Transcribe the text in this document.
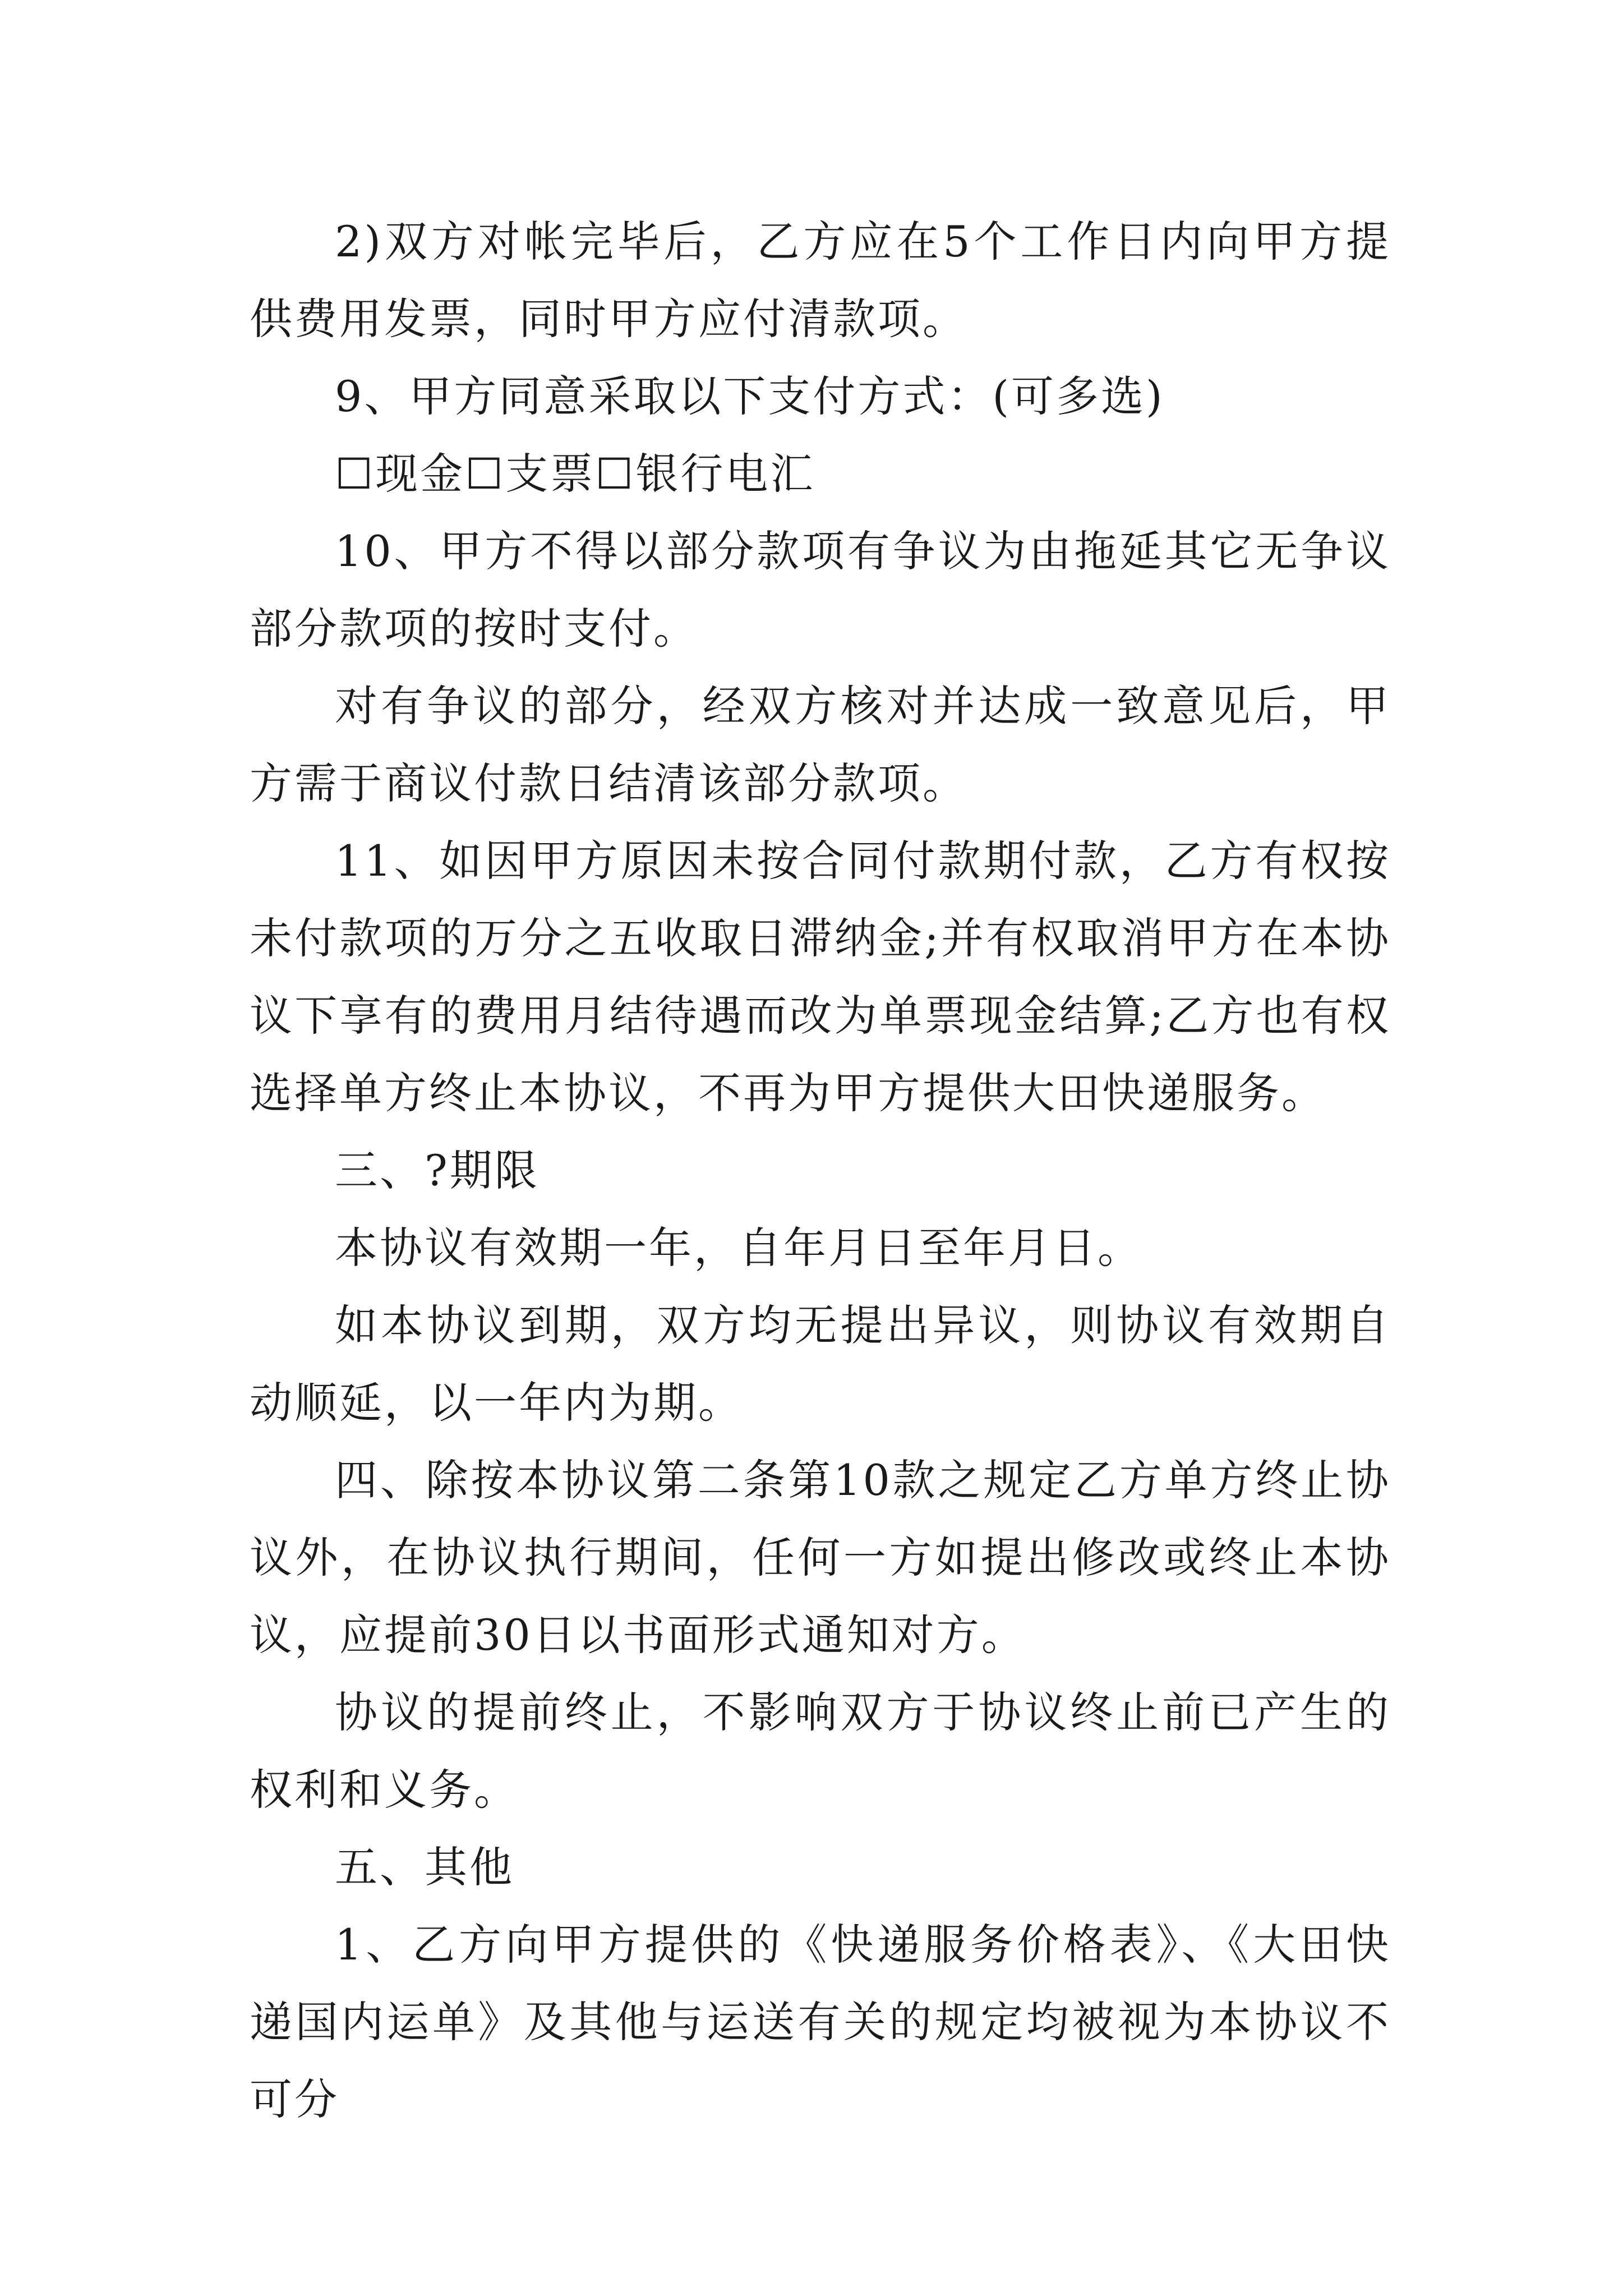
2)双方对帐完毕后，乙方应在5个工作日内向甲方提供费用发票，同时甲方应付清款项。

9、甲方同意采取以下支付方式：(可多选)

☐现金☐支票☐银行电汇

10、甲方不得以部分款项有争议为由拖延其它无争议部分款项的按时支付。

对有争议的部分，经双方核对并达成一致意见后，甲方需于商议付款日结清该部分款项。

11、如因甲方原因未按合同付款期付款，乙方有权按未付款项的万分之五收取日滞纳金;并有权取消甲方在本协议下享有的费用月结待遇而改为单票现金结算;乙方也有权选择单方终止本协议，不再为甲方提供大田快递服务。

三、?期限

本协议有效期一年，自年月日至年月日。

如本协议到期，双方均无提出异议，则协议有效期自动顺延，以一年内为期。

四、除按本协议第二条第10款之规定乙方单方终止协议外，在协议执行期间，任何一方如提出修改或终止本协议，应提前30日以书面形式通知对方。

协议的提前终止，不影响双方于协议终止前已产生的权利和义务。

五、其他

1、乙方向甲方提供的《快递服务价格表》、《大田快递国内运单》及其他与运送有关的规定均被视为本协议不可分
